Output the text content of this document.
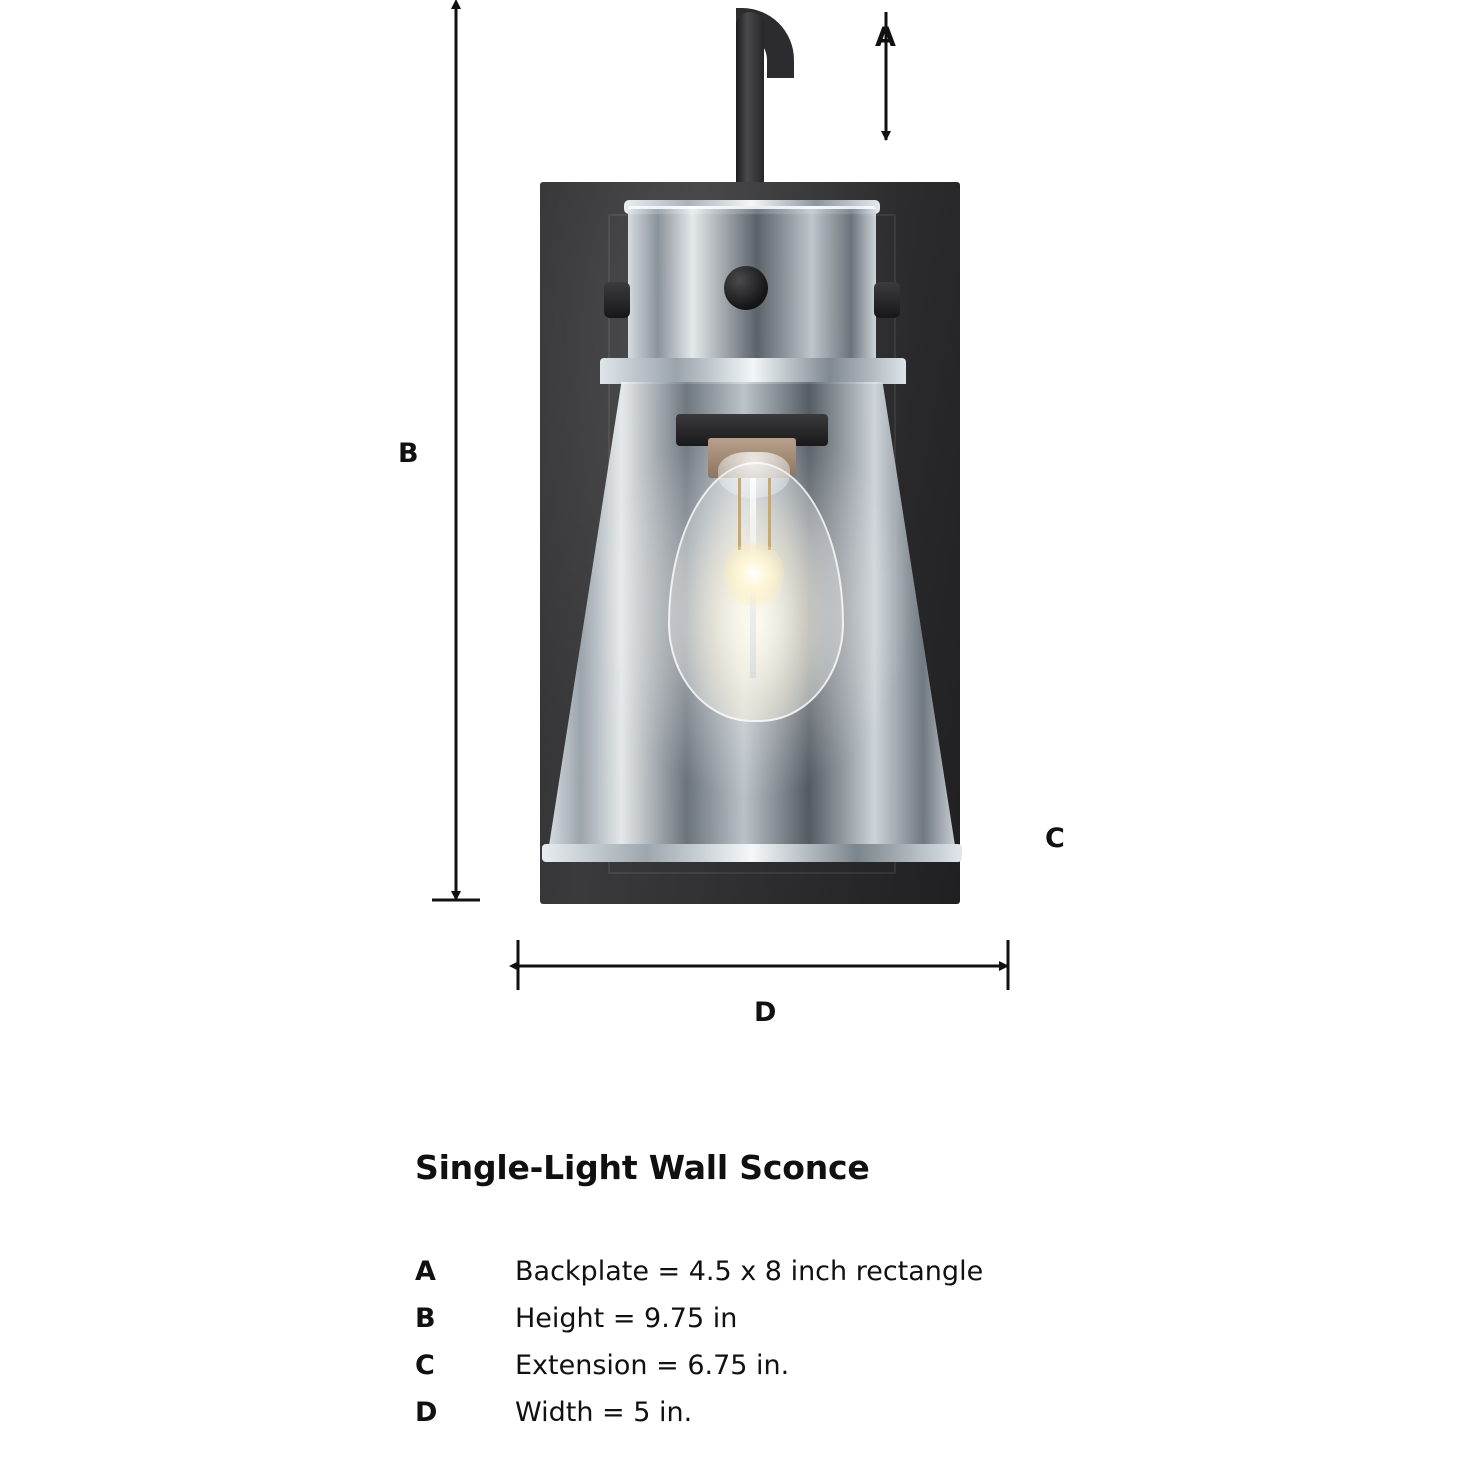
A
B
C
D
Single-Light Wall Sconce
A	Backplate = 4.5 x 8 inch rectangle
B	Height = 9.75 in
C	Extension = 6.75 in.
D	Width = 5 in.
